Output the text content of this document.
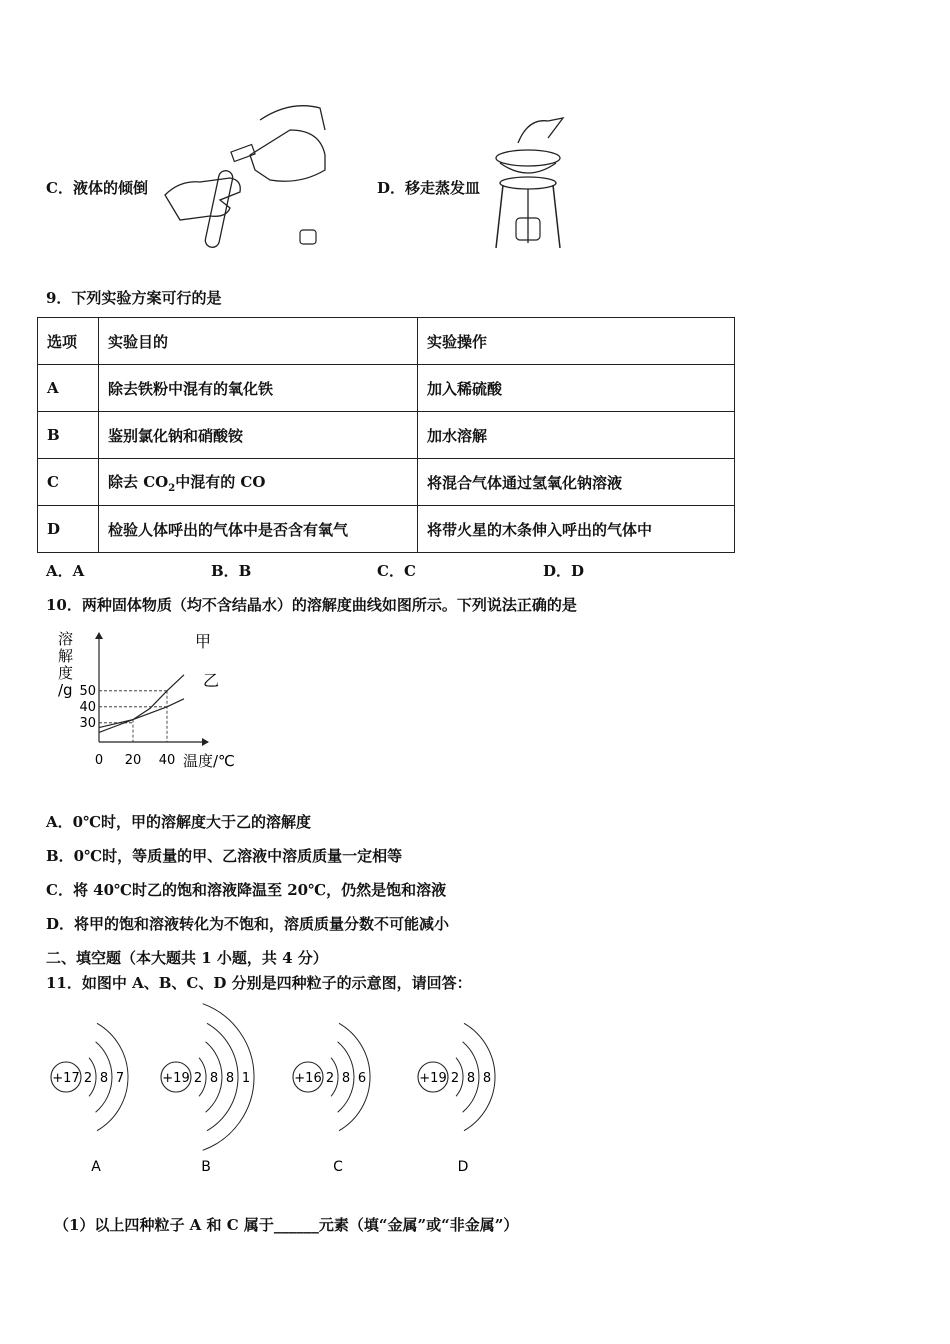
C．液体的倾倒	D．移走蒸发皿
9．下列实验方案可行的是
选项	实验目的	实验操作
A	除去铁粉中混有的氧化铁	加入稀硫酸
B	鉴别氯化钠和硝酸铵	加水溶解
C	除去 $CO_2$中混有的 CO	将混合气体通过氢氧化钠溶液
D	检验人体呼出的气体中是否含有氧气	将带火星的木条伸入呼出的气体中
A．A	B．B	C．C	D．D
10．两种固体物质（均不含结晶水）的溶解度曲线如图所示。下列说法正确的是
溶
解
度
/g
30
40
50
0 20 40 温度/℃
甲
乙
A．0℃时，甲的溶解度大于乙的溶解度
B．0℃时，等质量的甲、乙溶液中溶质质量一定相等
C．将 40℃时乙的饱和溶液降温至 20℃，仍然是饱和溶液
D．将甲的饱和溶液转化为不饱和，溶质质量分数不可能减小
二、填空题（本大题共 1 小题，共 4 分）
11．如图中 A、B、C、D 分别是四种粒子的示意图，请回答：
+17 2 8 7
A
+19 2 8 8 1
B
+16 2 8 6
C
+19 2 8 8
D
（1）以上四种粒子 A 和 C 属于______元素（填“金属”或“非金属”）
